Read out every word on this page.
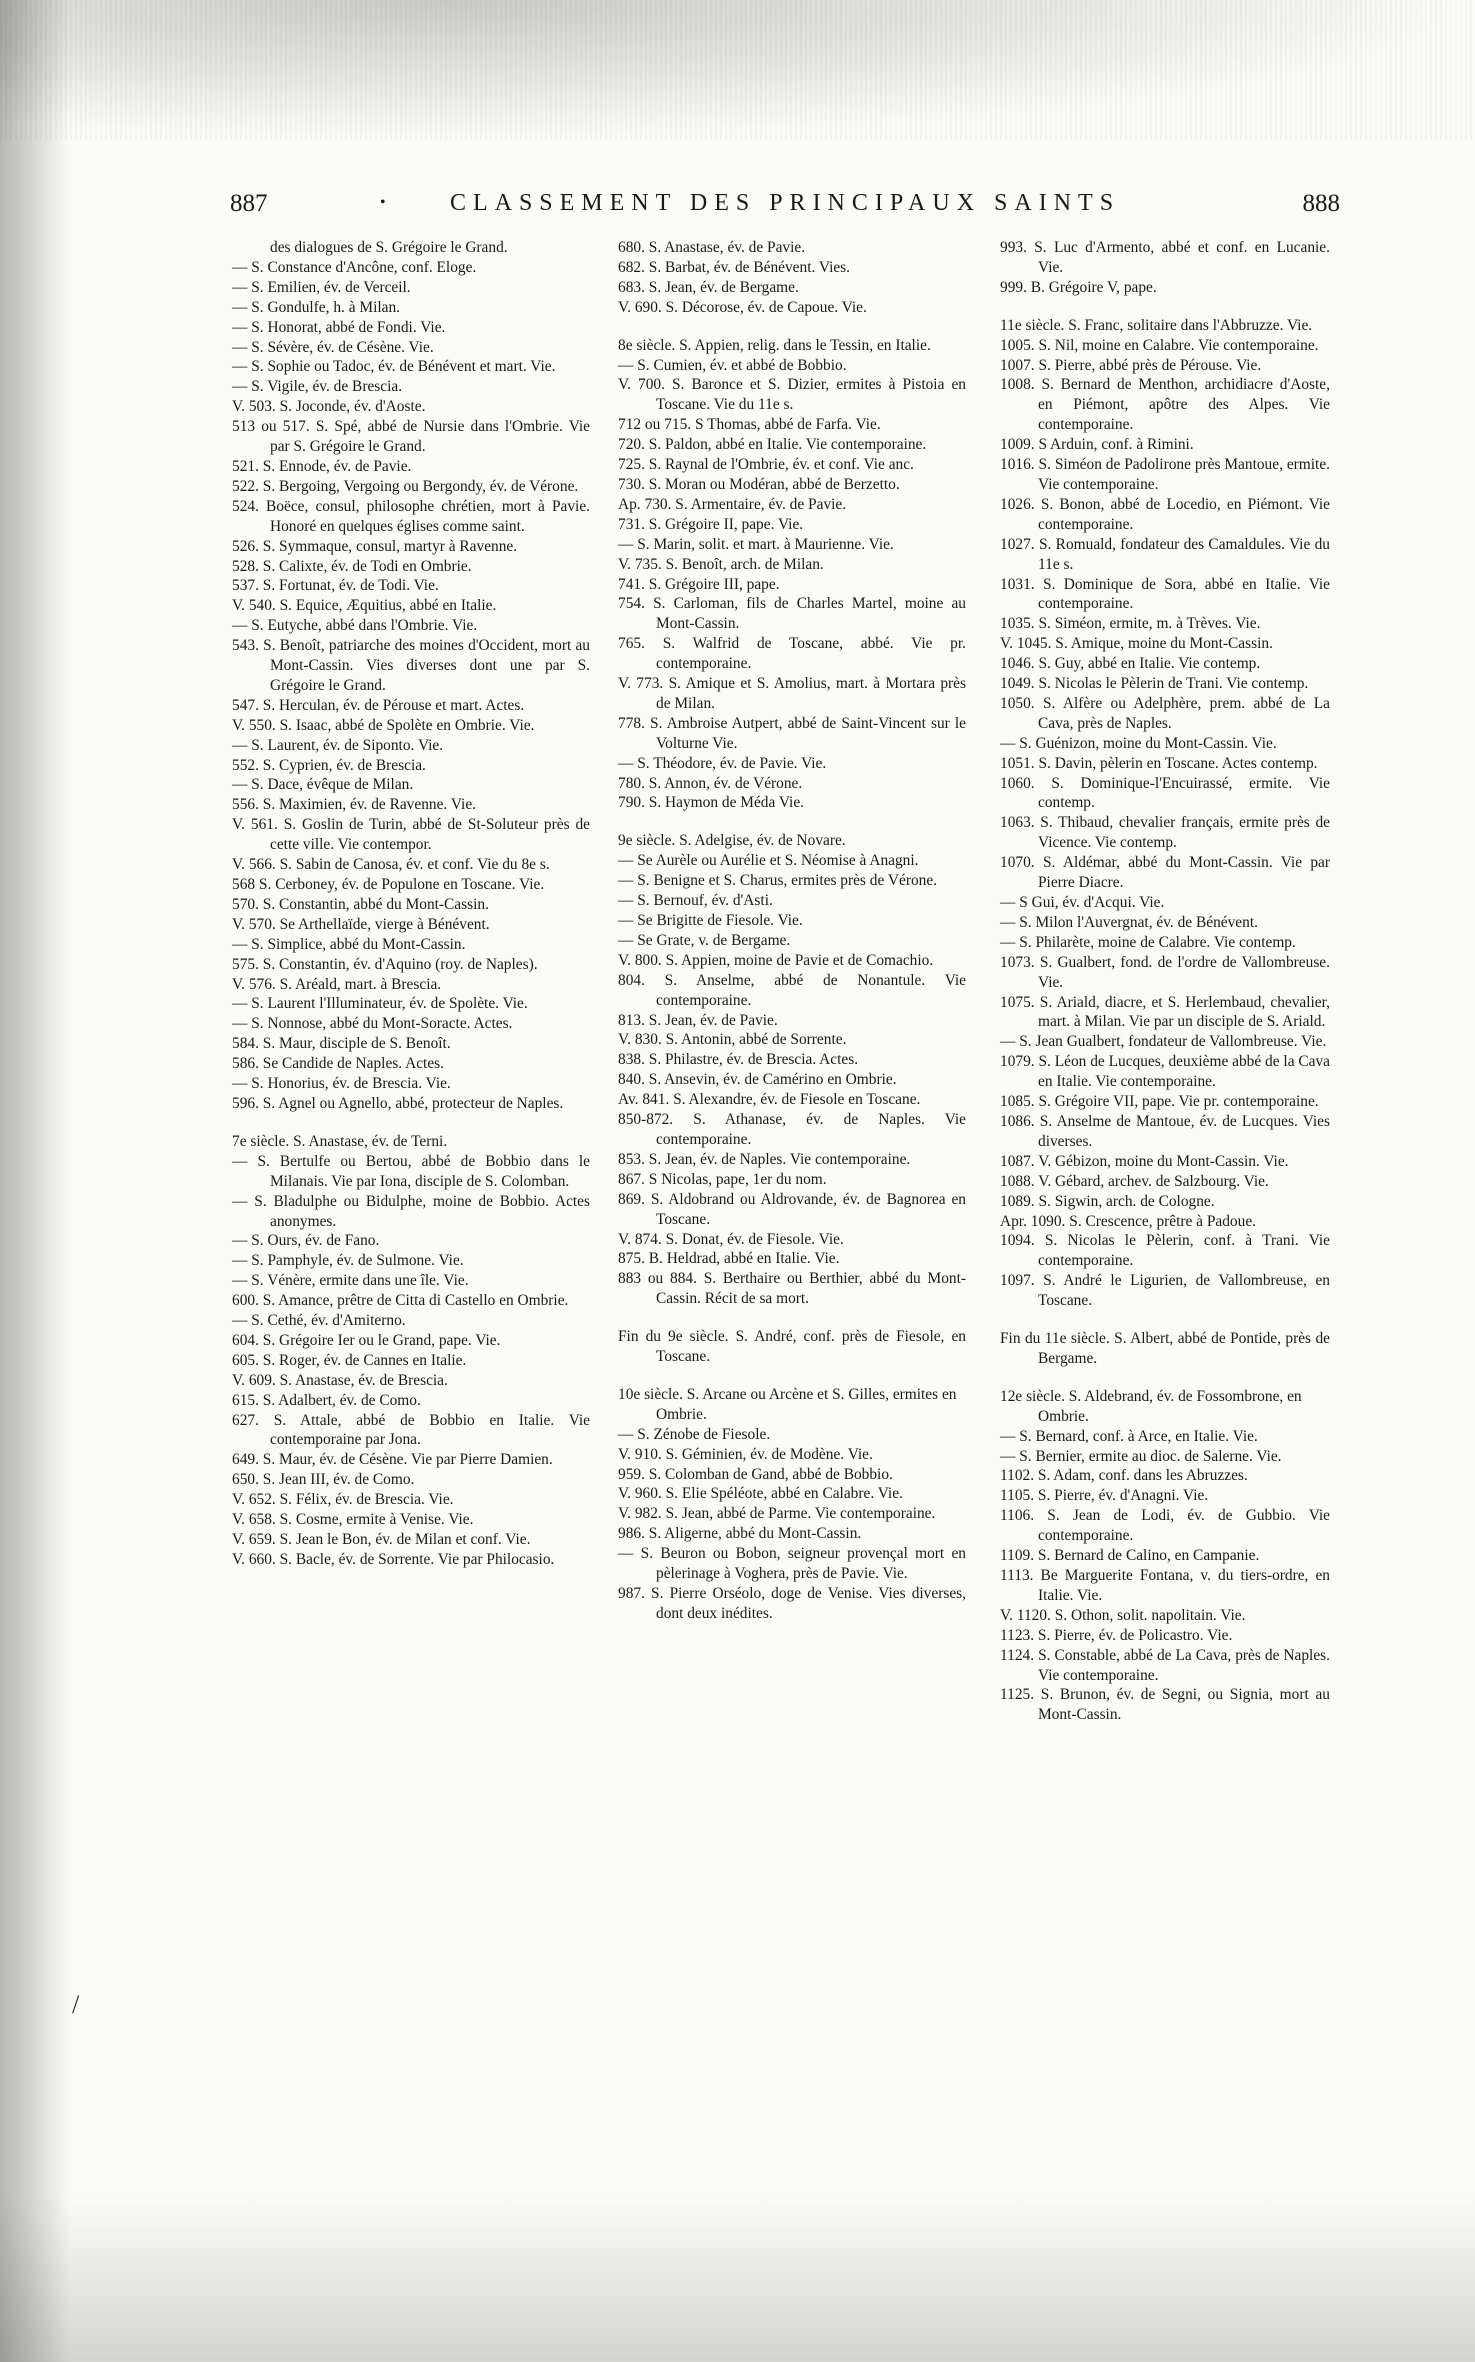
887	•	CLASSEMENT DES PRINCIPAUX SAINTS	888
des dialogues de S. Grégoire le Grand.
— S. Constance d'Ancône, conf. Eloge.
— S. Emilien, év. de Verceil.
— S. Gondulfe, h. à Milan.
— S. Honorat, abbé de Fondi. Vie.
— S. Sévère, év. de Césène. Vie.
— S. Sophie ou Tadoc, év. de Bénévent et mart. Vie.
— S. Vigile, év. de Brescia.
V. 503. S. Joconde, év. d'Aoste.
513 ou 517. S. Spé, abbé de Nursie dans l'Ombrie. Vie par S. Grégoire le Grand.
521. S. Ennode, év. de Pavie.
522. S. Bergoing, Vergoing ou Bergondy, év. de Vérone.
524. Boëce, consul, philosophe chrétien, mort à Pavie. Honoré en quelques églises comme saint.
526. S. Symmaque, consul, martyr à Ravenne.
528. S. Calixte, év. de Todi en Ombrie.
537. S. Fortunat, év. de Todi. Vie.
V. 540. S. Equice, Æquitius, abbé en Italie.
— S. Eutyche, abbé dans l'Ombrie. Vie.
543. S. Benoît, patriarche des moines d'Occident, mort au Mont-Cassin. Vies diverses dont une par S. Grégoire le Grand.
547. S. Herculan, év. de Pérouse et mart. Actes.
V. 550. S. Isaac, abbé de Spolète en Ombrie. Vie.
— S. Laurent, év. de Siponto. Vie.
552. S. Cyprien, év. de Brescia.
— S. Dace, évêque de Milan.
556. S. Maximien, év. de Ravenne. Vie.
V. 561. S. Goslin de Turin, abbé de St-Soluteur près de cette ville. Vie contempor.
V. 566. S. Sabin de Canosa, év. et conf. Vie du 8e s.
568 S. Cerboney, év. de Populone en Toscane. Vie.
570. S. Constantin, abbé du Mont-Cassin.
V. 570. Se Arthellaïde, vierge à Bénévent.
— S. Simplice, abbé du Mont-Cassin.
575. S. Constantin, év. d'Aquino (roy. de Naples).
V. 576. S. Aréald, mart. à Brescia.
— S. Laurent l'Illuminateur, év. de Spolète. Vie.
— S. Nonnose, abbé du Mont-Soracte. Actes.
584. S. Maur, disciple de S. Benoît.
586. Se Candide de Naples. Actes.
— S. Honorius, év. de Brescia. Vie.
596. S. Agnel ou Agnello, abbé, protecteur de Naples.
7e siècle. S. Anastase, év. de Terni.
— S. Bertulfe ou Bertou, abbé de Bobbio dans le Milanais. Vie par Iona, disciple de S. Colomban.
— S. Bladulphe ou Bidulphe, moine de Bobbio. Actes anonymes.
— S. Ours, év. de Fano.
— S. Pamphyle, év. de Sulmone. Vie.
— S. Vénère, ermite dans une île. Vie.
600. S. Amance, prêtre de Citta di Castello en Ombrie.
— S. Cethé, év. d'Amiterno.
604. S. Grégoire Ier ou le Grand, pape. Vie.
605. S. Roger, év. de Cannes en Italie.
V. 609. S. Anastase, év. de Brescia.
615. S. Adalbert, év. de Como.
627. S. Attale, abbé de Bobbio en Italie. Vie contemporaine par Jona.
649. S. Maur, év. de Césène. Vie par Pierre Damien.
650. S. Jean III, év. de Como.
V. 652. S. Félix, év. de Brescia. Vie.
V. 658. S. Cosme, ermite à Venise. Vie.
V. 659. S. Jean le Bon, év. de Milan et conf. Vie.
V. 660. S. Bacle, év. de Sorrente. Vie par Philocasio.
680. S. Anastase, év. de Pavie.
682. S. Barbat, év. de Bénévent. Vies.
683. S. Jean, év. de Bergame.
V. 690. S. Décorose, év. de Capoue. Vie.
8e siècle. S. Appien, relig. dans le Tessin, en Italie.
— S. Cumien, év. et abbé de Bobbio.
V. 700. S. Baronce et S. Dizier, ermites à Pistoia en Toscane. Vie du 11e s.
712 ou 715. S Thomas, abbé de Farfa. Vie.
720. S. Paldon, abbé en Italie. Vie contemporaine.
725. S. Raynal de l'Ombrie, év. et conf. Vie anc.
730. S. Moran ou Modéran, abbé de Berzetto.
Ap. 730. S. Armentaire, év. de Pavie.
731. S. Grégoire II, pape. Vie.
— S. Marin, solit. et mart. à Maurienne. Vie.
V. 735. S. Benoît, arch. de Milan.
741. S. Grégoire III, pape.
754. S. Carloman, fils de Charles Martel, moine au Mont-Cassin.
765. S. Walfrid de Toscane, abbé. Vie pr. contemporaine.
V. 773. S. Amique et S. Amolius, mart. à Mortara près de Milan.
778. S. Ambroise Autpert, abbé de Saint-Vincent sur le Volturne Vie.
— S. Théodore, év. de Pavie. Vie.
780. S. Annon, év. de Vérone.
790. S. Haymon de Méda Vie.
9e siècle. S. Adelgise, év. de Novare.
— Se Aurèle ou Aurélie et S. Néomise à Anagni.
— S. Benigne et S. Charus, ermites près de Vérone.
— S. Bernouf, év. d'Asti.
— Se Brigitte de Fiesole. Vie.
— Se Grate, v. de Bergame.
V. 800. S. Appien, moine de Pavie et de Comachio.
804. S. Anselme, abbé de Nonantule. Vie contemporaine.
813. S. Jean, év. de Pavie.
V. 830. S. Antonin, abbé de Sorrente.
838. S. Philastre, év. de Brescia. Actes.
840. S. Ansevin, év. de Camérino en Ombrie.
Av. 841. S. Alexandre, év. de Fiesole en Toscane.
850-872. S. Athanase, év. de Naples. Vie contemporaine.
853. S. Jean, év. de Naples. Vie contemporaine.
867. S Nicolas, pape, 1er du nom.
869. S. Aldobrand ou Aldrovande, év. de Bagnorea en Toscane.
V. 874. S. Donat, év. de Fiesole. Vie.
875. B. Heldrad, abbé en Italie. Vie.
883 ou 884. S. Berthaire ou Berthier, abbé du Mont-Cassin. Récit de sa mort.
Fin du 9e siècle. S. André, conf. près de Fiesole, en Toscane.
10e siècle. S. Arcane ou Arcène et S. Gilles, ermites en Ombrie.
— S. Zénobe de Fiesole.
V. 910. S. Géminien, év. de Modène. Vie.
959. S. Colomban de Gand, abbé de Bobbio.
V. 960. S. Elie Spéléote, abbé en Calabre. Vie.
V. 982. S. Jean, abbé de Parme. Vie contemporaine.
986. S. Aligerne, abbé du Mont-Cassin.
— S. Beuron ou Bobon, seigneur provençal mort en pèlerinage à Voghera, près de Pavie. Vie.
987. S. Pierre Orséolo, doge de Venise. Vies diverses, dont deux inédites.
993. S. Luc d'Armento, abbé et conf. en Lucanie. Vie.
999. B. Grégoire V, pape.
11e siècle. S. Franc, solitaire dans l'Abbruzze. Vie.
1005. S. Nil, moine en Calabre. Vie contemporaine.
1007. S. Pierre, abbé près de Pérouse. Vie.
1008. S. Bernard de Menthon, archidiacre d'Aoste, en Piémont, apôtre des Alpes. Vie contemporaine.
1009. S Arduin, conf. à Rimini.
1016. S. Siméon de Padolirone près Mantoue, ermite. Vie contemporaine.
1026. S. Bonon, abbé de Locedio, en Piémont. Vie contemporaine.
1027. S. Romuald, fondateur des Camaldules. Vie du 11e s.
1031. S. Dominique de Sora, abbé en Italie. Vie contemporaine.
1035. S. Siméon, ermite, m. à Trèves. Vie.
V. 1045. S. Amique, moine du Mont-Cassin.
1046. S. Guy, abbé en Italie. Vie contemp.
1049. S. Nicolas le Pèlerin de Trani. Vie contemp.
1050. S. Alfère ou Adelphère, prem. abbé de La Cava, près de Naples.
— S. Guénizon, moine du Mont-Cassin. Vie.
1051. S. Davin, pèlerin en Toscane. Actes contemp.
1060. S. Dominique-l'Encuirassé, ermite. Vie contemp.
1063. S. Thibaud, chevalier français, ermite près de Vicence. Vie contemp.
1070. S. Aldémar, abbé du Mont-Cassin. Vie par Pierre Diacre.
— S Gui, év. d'Acqui. Vie.
— S. Milon l'Auvergnat, év. de Bénévent.
— S. Philarète, moine de Calabre. Vie contemp.
1073. S. Gualbert, fond. de l'ordre de Vallombreuse. Vie.
1075. S. Ariald, diacre, et S. Herlembaud, chevalier, mart. à Milan. Vie par un disciple de S. Ariald.
— S. Jean Gualbert, fondateur de Vallombreuse. Vie.
1079. S. Léon de Lucques, deuxième abbé de la Cava en Italie. Vie contemporaine.
1085. S. Grégoire VII, pape. Vie pr. contemporaine.
1086. S. Anselme de Mantoue, év. de Lucques. Vies diverses.
1087. V. Gébizon, moine du Mont-Cassin. Vie.
1088. V. Gébard, archev. de Salzbourg. Vie.
1089. S. Sigwin, arch. de Cologne.
Apr. 1090. S. Crescence, prêtre à Padoue.
1094. S. Nicolas le Pèlerin, conf. à Trani. Vie contemporaine.
1097. S. André le Ligurien, de Vallombreuse, en Toscane.
Fin du 11e siècle. S. Albert, abbé de Pontide, près de Bergame.
12e siècle. S. Aldebrand, év. de Fossombrone, en Ombrie.
— S. Bernard, conf. à Arce, en Italie. Vie.
— S. Bernier, ermite au dioc. de Salerne. Vie.
1102. S. Adam, conf. dans les Abruzzes.
1105. S. Pierre, év. d'Anagni. Vie.
1106. S. Jean de Lodi, év. de Gubbio. Vie contemporaine.
1109. S. Bernard de Calino, en Campanie.
1113. Be Marguerite Fontana, v. du tiers-ordre, en Italie. Vie.
V. 1120. S. Othon, solit. napolitain. Vie.
1123. S. Pierre, év. de Policastro. Vie.
1124. S. Constable, abbé de La Cava, près de Naples. Vie contemporaine.
1125. S. Brunon, év. de Segni, ou Signia, mort au Mont-Cassin.
/
